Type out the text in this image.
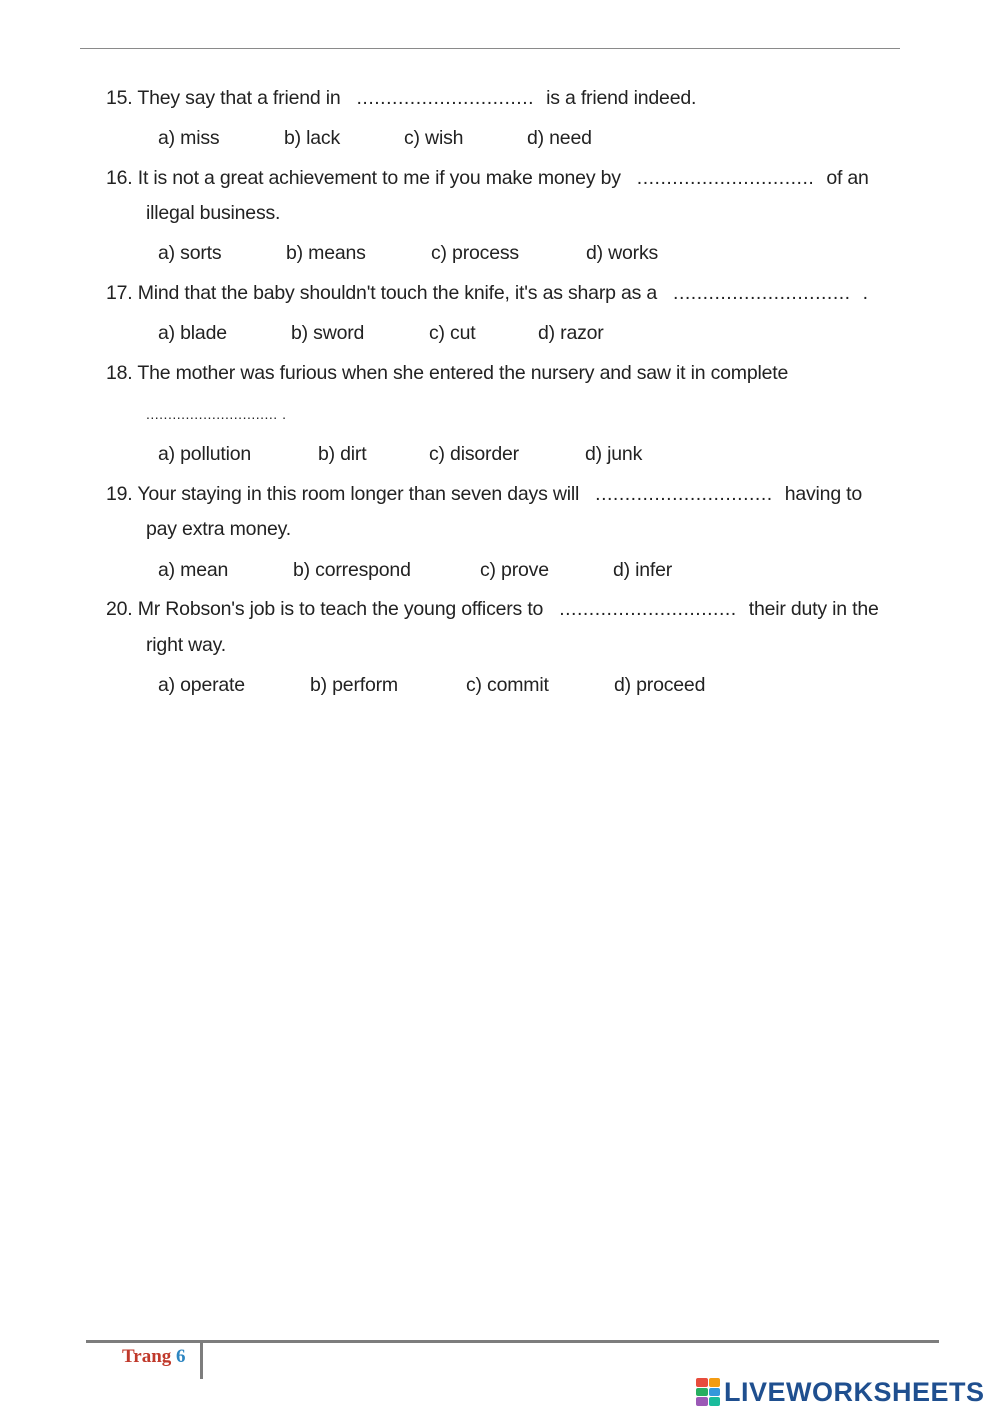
15. They say that a friend in .............................. is a friend indeed.
a) miss	b) lack	c) wish	d) need
16. It is not a great achievement to me if you make money by .............................. of an
illegal business.
a) sorts	b) means	c) process	d) works
17. Mind that the baby shouldn't touch the knife, it's as sharp as a .............................. .
a) blade	b) sword	c) cut	d) razor
18. The mother was furious when she entered the nursery and saw it in complete
.............................. .
a) pollution	b) dirt	c) disorder	d) junk
19. Your staying in this room longer than seven days will .............................. having to
pay extra money.
a) mean	b) correspond	c) prove	d) infer
20. Mr Robson's job is to teach the young officers to .............................. their duty in the
right way.
a) operate	b) perform	c) commit	d) proceed
Trang 6
LIVEWORKSHEETS
